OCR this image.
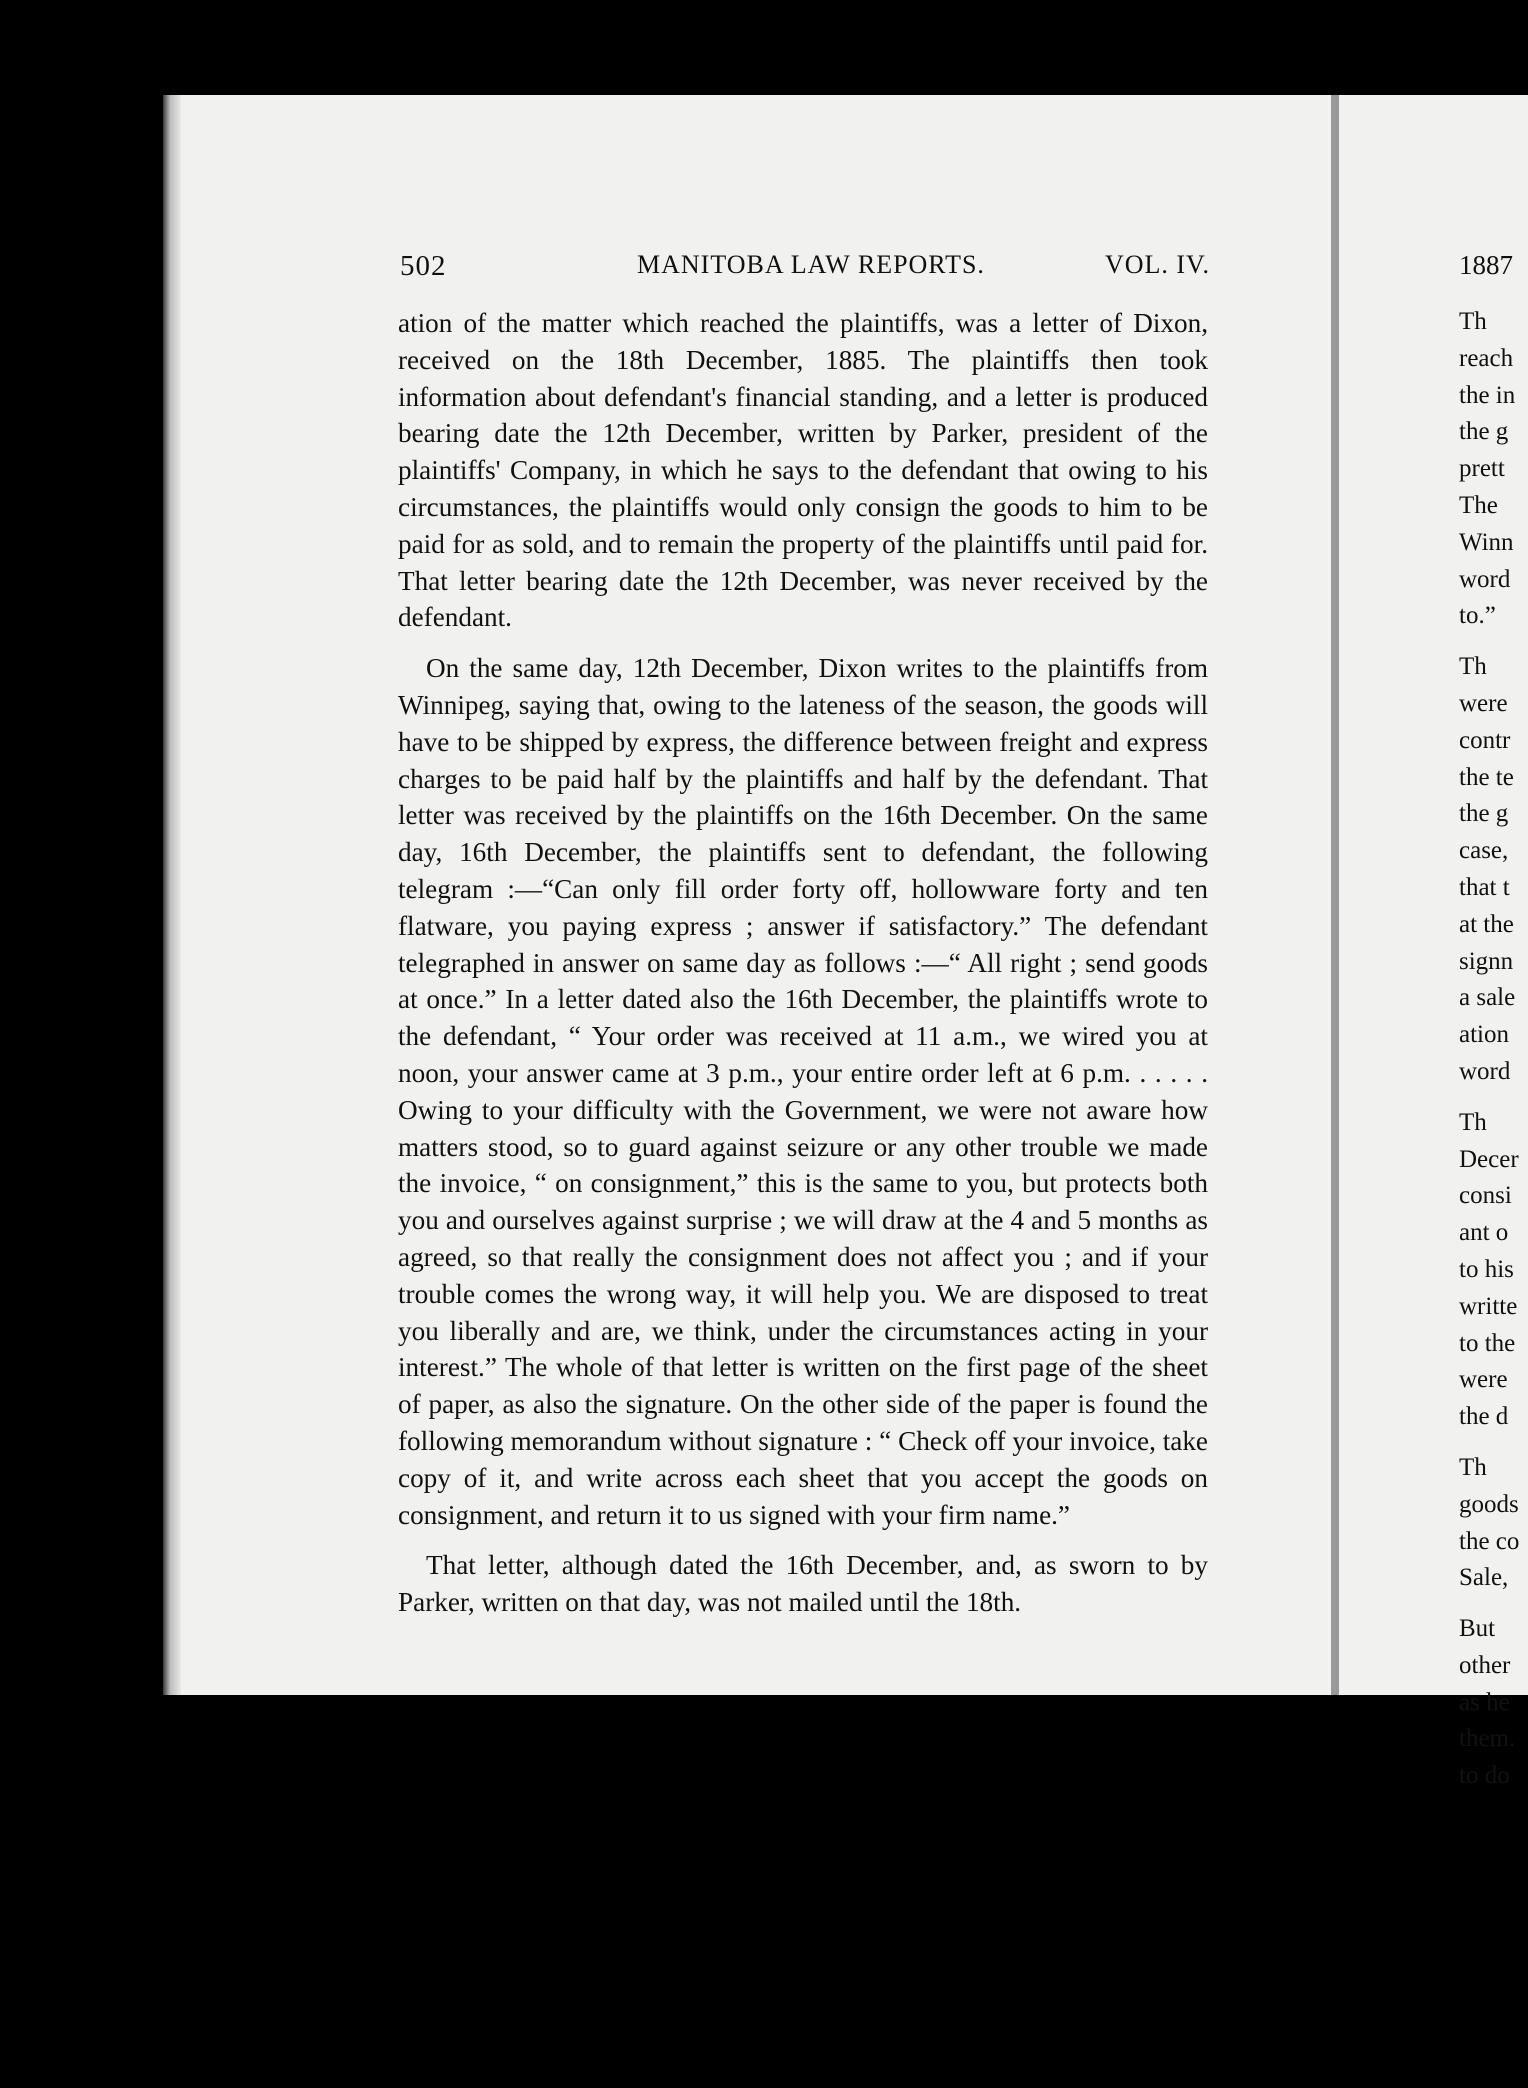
502	MANITOBA LAW REPORTS.	VOL. IV.

ation of the matter which reached the plaintiffs, was a letter of Dixon, received on the 18th December, 1885. The plaintiffs then took information about defendant's financial standing, and a letter is produced bearing date the 12th December, written by Parker, president of the plaintiffs' Company, in which he says to the defendant that owing to his circumstances, the plaintiffs would only consign the goods to him to be paid for as sold, and to remain the property of the plaintiffs until paid for. That letter bearing date the 12th December, was never received by the defendant.

On the same day, 12th December, Dixon writes to the plaintiffs from Winnipeg, saying that, owing to the lateness of the season, the goods will have to be shipped by express, the difference between freight and express charges to be paid half by the plaintiffs and half by the defendant. That letter was received by the plaintiffs on the 16th December. On the same day, 16th December, the plaintiffs sent to defendant, the following telegram :—“Can only fill order forty off, hollowware forty and ten flatware, you paying express ; answer if satisfactory.” The defendant telegraphed in answer on same day as follows :—“ All right ; send goods at once.” In a letter dated also the 16th December, the plaintiffs wrote to the defendant, “ Your order was received at 11 a.m., we wired you at noon, your answer came at 3 p.m., your entire order left at 6 p.m. . . . . . Owing to your difficulty with the Government, we were not aware how matters stood, so to guard against seizure or any other trouble we made the invoice, “ on consignment,” this is the same to you, but protects both you and ourselves against surprise ; we will draw at the 4 and 5 months as agreed, so that really the consignment does not affect you ; and if your trouble comes the wrong way, it will help you. We are disposed to treat you liberally and are, we think, under the circumstances acting in your interest.” The whole of that letter is written on the first page of the sheet of paper, as also the signature. On the other side of the paper is found the following memorandum without signature : “ Check off your invoice, take copy of it, and write across each sheet that you accept the goods on consignment, and return it to us signed with your firm name.”

That letter, although dated the 16th December, and, as sworn to by Parker, written on that day, was not mailed until the 18th.

1887
Th
reach
the in
the g
prett
The
Winn
word
to.”
Th
were
contr
the te
the g
case,
that t
at the
signn
a sale
ation
word
Th
Decer
consi
ant o
to his
writte
to the
were
the d
Th
goods
the co
Sale,
But
other
as he
them.
to do
